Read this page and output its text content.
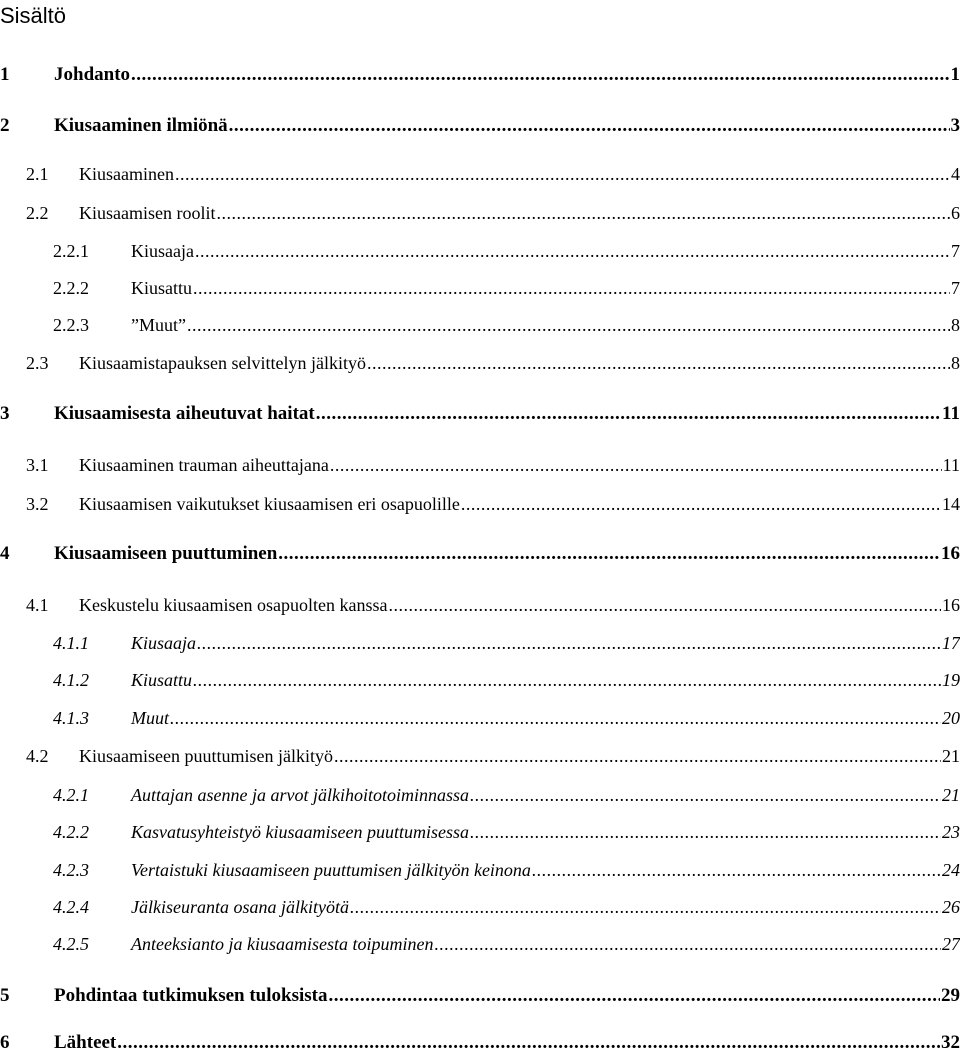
Sisältö
1 Johdanto .....	1
2 Kiusaaminen ilmiönä .....	3
2.1 Kiusaaminen .....	4
2.2 Kiusaamisen roolit .....	6
2.2.1 Kiusaaja .....	7
2.2.2 Kiusattu .....	7
2.2.3 ”Muut” .....	8
2.3 Kiusaamistapauksen selvittelyn jälkityö .....	8
3 Kiusaamisesta aiheutuvat haitat .....	11
3.1 Kiusaaminen trauman aiheuttajana .....	11
3.2 Kiusaamisen vaikutukset kiusaamisen eri osapuolille .....	14
4 Kiusaamiseen puuttuminen .....	16
4.1 Keskustelu kiusaamisen osapuolten kanssa .....	16
4.1.1 Kiusaaja .....	17
4.1.2 Kiusattu .....	19
4.1.3 Muut .....	20
4.2 Kiusaamiseen puuttumisen jälkityö .....	21
4.2.1 Auttajan asenne ja arvot jälkihoitotoiminnassa .....	21
4.2.2 Kasvatusyhteistyö kiusaamiseen puuttumisessa .....	23
4.2.3 Vertaistuki kiusaamiseen puuttumisen jälkityön keinona .....	24
4.2.4 Jälkiseuranta osana jälkityötä .....	26
4.2.5 Anteeksianto ja kiusaamisesta toipuminen .....	27
5 Pohdintaa tutkimuksen tuloksista .....	29
6 Lähteet .....	32
